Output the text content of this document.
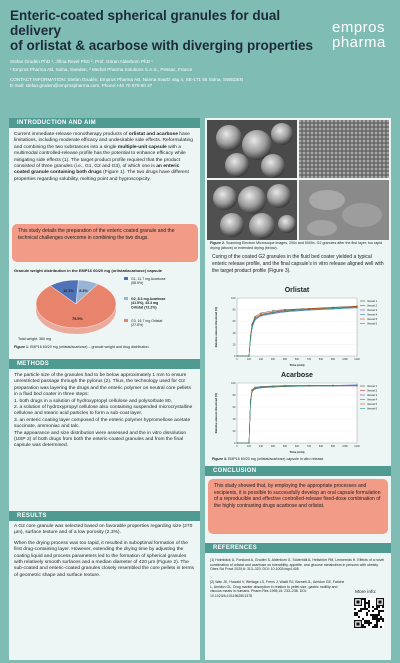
Enteric-coated spherical granules for dual delivery
of orlistat & acarbose with diverging properties
Stefan Grudén PhD ¹, Jiřina Rovel PhD ², Prof. Göran Alderborn PhD ¹
¹ Empros Pharma AB, Solna, Sweden, ² Merbel Pharma Solutions S.A.S., Pessac, France
CONTACT INFORMATION: Stefan Grudén, Empros Pharma AB, Nanna Svartz väg 4, SE-171 65 Solna, SWEDEN
E-mail: stefan.gruden@emprospharma.com, Phone:+46 70 979 80 37
empros
pharma
INTRODUCTION AND AIM
Current immediate-release monotherapy products of orlistat and acarbose have limitations, including moderate efficacy and undesirable side effects. Reformulating and combining the two substances into a single multiple-unit capsule with a multimodal controlled-release profile has the potential to enhance efficacy while mitigating side effects (1). The target product profile required that the product consisted of three granules (i.e., G1, G2 and G3), of which one is an enteric coated granule containing both drugs (Figure 1). The two drugs have different properties regarding solubility, melting point and hygroscopicity.
This study details the preparation of the enteric coated granule and the technical challenges overcome in combining the two drugs.
Granule weight distribution in the EMP16 60/20 mg (orlistat/acarbose) capsule
12.1% 8.3%
79.5%
G1, 11.7 mg Acarbose (58.5%)
G2, 8.3 mg Acarbose (41.5%), 43.3 mg Orlistat (72.2%)
G3, 16.7 mg Orlistat (27.8%)
Total weight: 360 mg
Figure 1. EMP16 60/20 mg (orlistat/acarbose) – granule weight and drug distribution.
METHODS
The particle size of the granules had to be below approximately 1 mm to ensure unrestricted passage through the pylorus (2). Thus, the technology used for G2 preparation was layering the drugs and the enteric polymer on neutral core pellets in a fluid bed coater in three steps:
1. both drugs in a solution of hydroxypropyl cellulose and polysorbate 80,
2. a solution of hydroxypropyl cellulose also containing suspended microcrystalline cellulose and stearic acid particles to form a sub-coat layer,
3. an enteric coating layer composed of the enteric polymer hypromellose acetate succinate, ammoniac and talc.
The appearance and size distribution were assessed and the in vitro dissolution (USP 2) of both drugs from both the enteric-coated granules and from the final capsule was determined.
RESULTS
A G2 core granule was selected based on favorable properties regarding size (270 µm), surface texture and of a low porosity (2.3%).
When the drying process was too rapid, it resulted in suboptimal formation of the first drug-containing layer. However, extending the drying time by adjusting the coating liquid and process parameters led to the formation of spherical granules with relatively smooth surfaces and a median diameter of 420 µm (Figure 2). The sub-coated and enteric-coated granules closely resembled the core pellets in terms of geometric shape and surface texture.
Figure 2. Scanning Electron Microscope images, 200x and 5000x. G2 granules after the first layer; too rapid drying (above) or extended drying (below).
Curing of the coated G2 granules in the fluid bed coater yielded a typical enteric release profile, and the final capsule's in vitro release aligned well with the target product profile (Figure 3).
Orlistat
0
20
40
60
80
100
0	120	240	360	480	600	720	840	960	1080	1200
Time (min)
Relative amount dissolved (%)
Vessel 1
Vessel 2
Vessel 3
Vessel 4
Vessel 5
Vessel 6
Acarbose
0
20
40
60
80
100
0	120	240	360	480	600	720	840	960	1080	1200
Time (min)
Relative amount dissolved (%)
Vessel 1
Vessel 2
Vessel 3
Vessel 4
Vessel 5
Vessel 6
Figure 3. EMP16 60/20 mg (orlistat/acarbose) capsule in vitro release.
CONCLUSION
This study showed that, by employing the appropriate processes and excipients, it is possible to successfully develop an oral capsule formulation of a reproducible and effective controlled-release fixed-dose combination of the highly contrasting drugs acarbose and orlistat.
REFERENCES
(1) Holmbäck U, Forslund A, Grudén S, Alderborn G, Söderhäll A, Hellström PM, Lennernäs H. Effects of a novel combination of orlistat and acarbose on tolerability, appetite, and glucose metabolism in persons with obesity. Obes Sci Pract 2020;6: 313–323. DOI: 10.1002/osp4.405
(2) Wan JK, Huwald V, Weitage LS, Frens J, Waldi RJ, Barnett JL, Amidon GE, Fatiche L, Amidon GL. Drug marker absorption in relation to pellet size, gastric motility and viscous meals in humans. Pharm Res 1998;15: 233–238. DOI: 10.1023/A:1011962501378
More info:
